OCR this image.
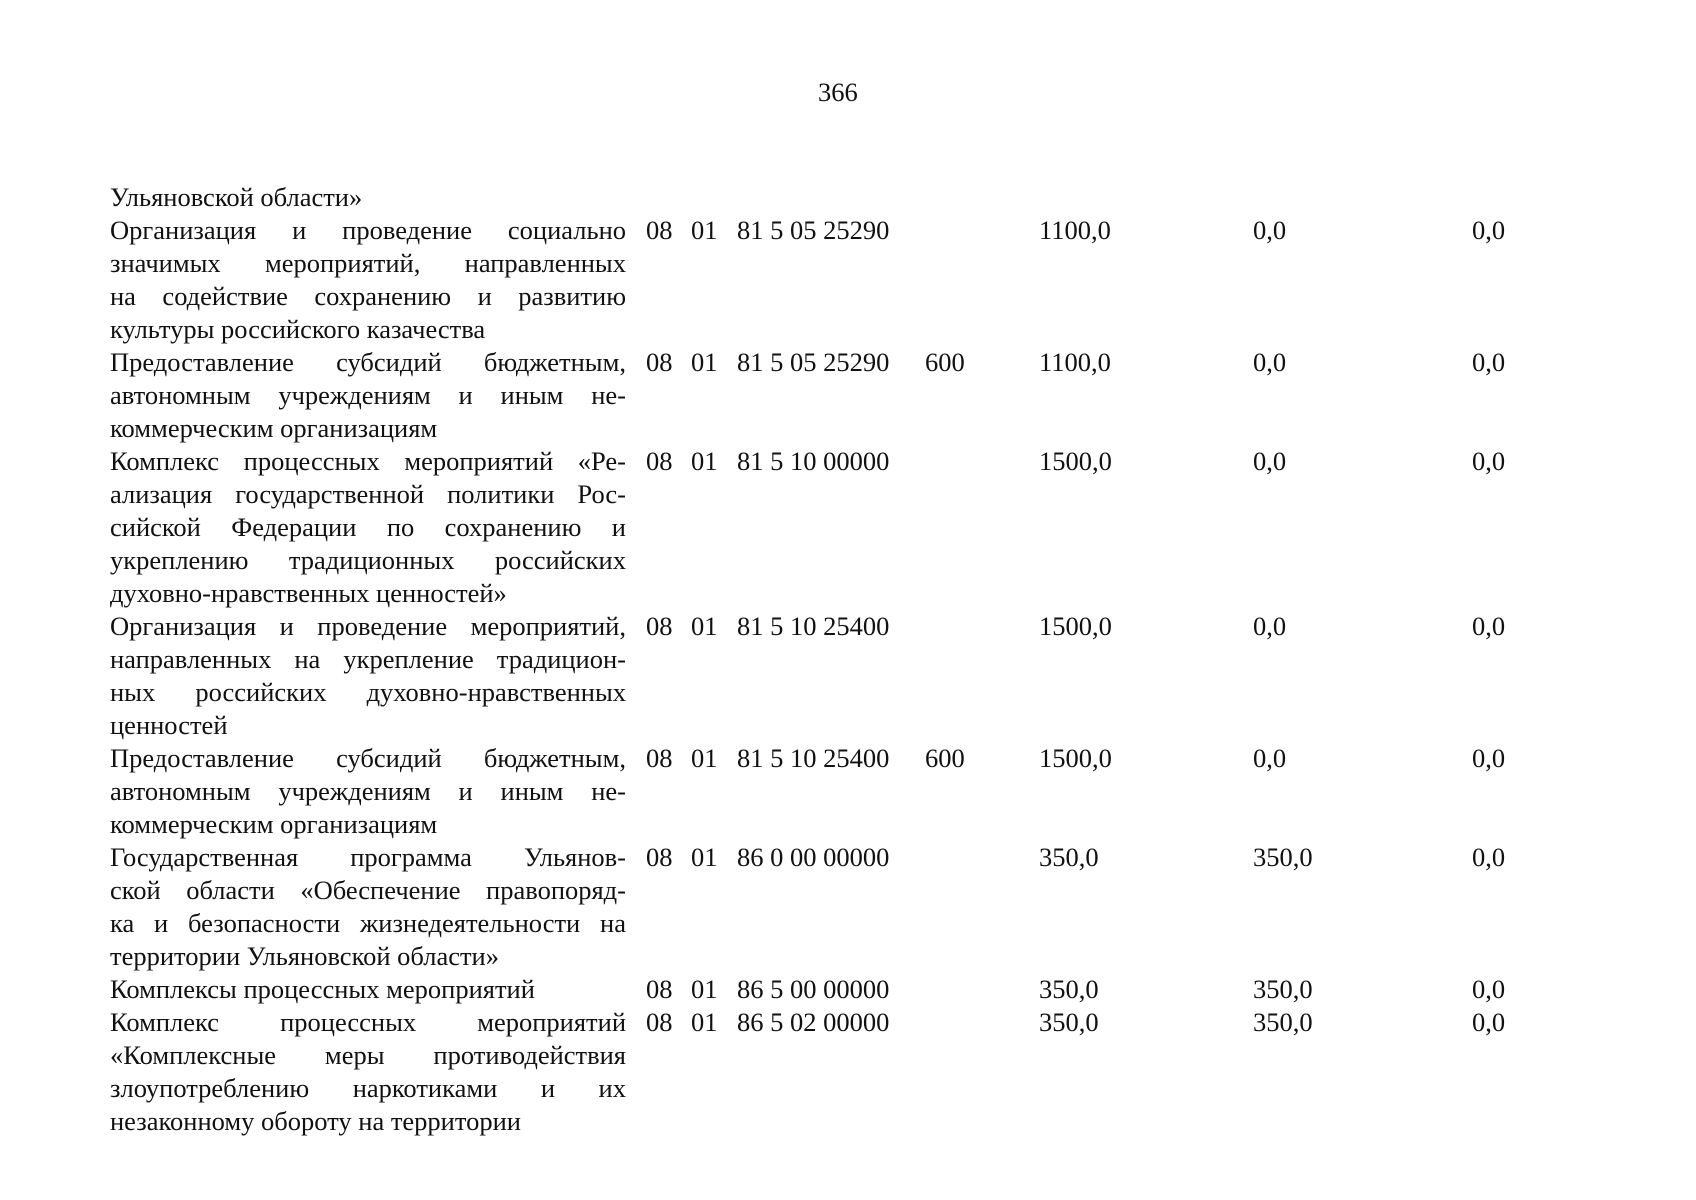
366
Ульяновской области»
Организация и проведение социально
значимых мероприятий, направленных
на содействие сохранению и развитию
культуры российского казачества
08 01 81 5 05 25290	1100,0	0,0	0,0
Предоставление субсидий бюджетным,
автономным учреждениям и иным не-
коммерческим организациям
08 01 81 5 05 25290 600	1100,0	0,0	0,0
Комплекс процессных мероприятий «Ре-
ализация государственной политики Рос-
сийской Федерации по сохранению и
укреплению традиционных российских
духовно-нравственных ценностей»
08 01 81 5 10 00000	1500,0	0,0	0,0
Организация и проведение мероприятий,
направленных на укрепление традицион-
ных российских духовно-нравственных
ценностей
08 01 81 5 10 25400	1500,0	0,0	0,0
Предоставление субсидий бюджетным,
автономным учреждениям и иным не-
коммерческим организациям
08 01 81 5 10 25400 600	1500,0	0,0	0,0
Государственная программа Ульянов-
ской области «Обеспечение правопоряд-
ка и безопасности жизнедеятельности на
территории Ульяновской области»
08 01 86 0 00 00000	350,0	350,0	0,0
Комплексы процессных мероприятий	08 01 86 5 00 00000	350,0	350,0	0,0
Комплекс процессных мероприятий
«Комплексные меры противодействия
злоупотреблению наркотиками и их
незаконному обороту на территории
08 01 86 5 02 00000	350,0	350,0	0,0
